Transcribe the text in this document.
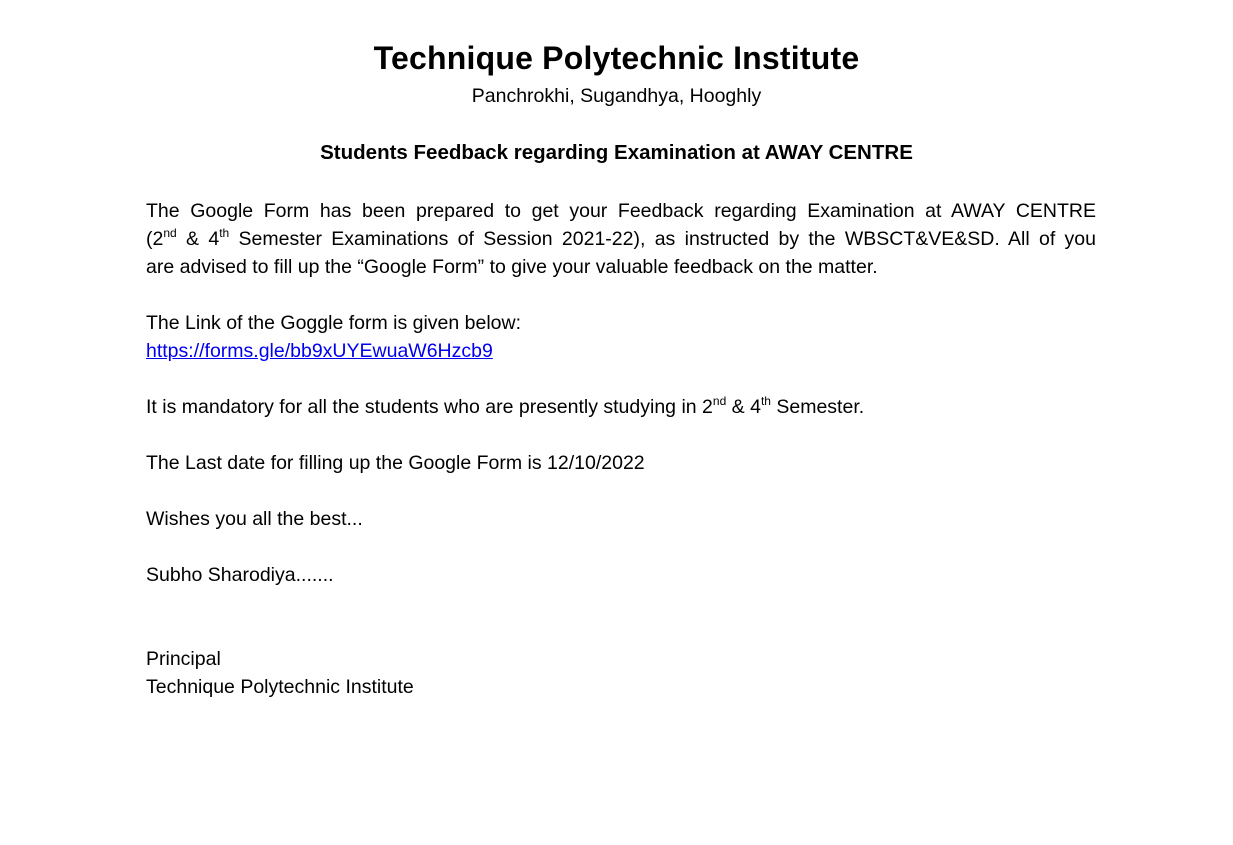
Technique Polytechnic Institute
Panchrokhi, Sugandhya, Hooghly
Students Feedback regarding Examination at AWAY CENTRE
The Google Form has been prepared to get your Feedback regarding Examination at AWAY CENTRE
(2nd & 4th Semester Examinations of Session 2021-22), as instructed by the WBSCT&VE&SD. All of you
are advised to fill up the “Google Form” to give your valuable feedback on the matter.
The Link of the Goggle form is given below:
https://forms.gle/bb9xUYEwuaW6Hzcb9
It is mandatory for all the students who are presently studying in 2nd & 4th Semester.
The Last date for filling up the Google Form is 12/10/2022
Wishes you all the best...
Subho Sharodiya.......
Principal
Technique Polytechnic Institute
